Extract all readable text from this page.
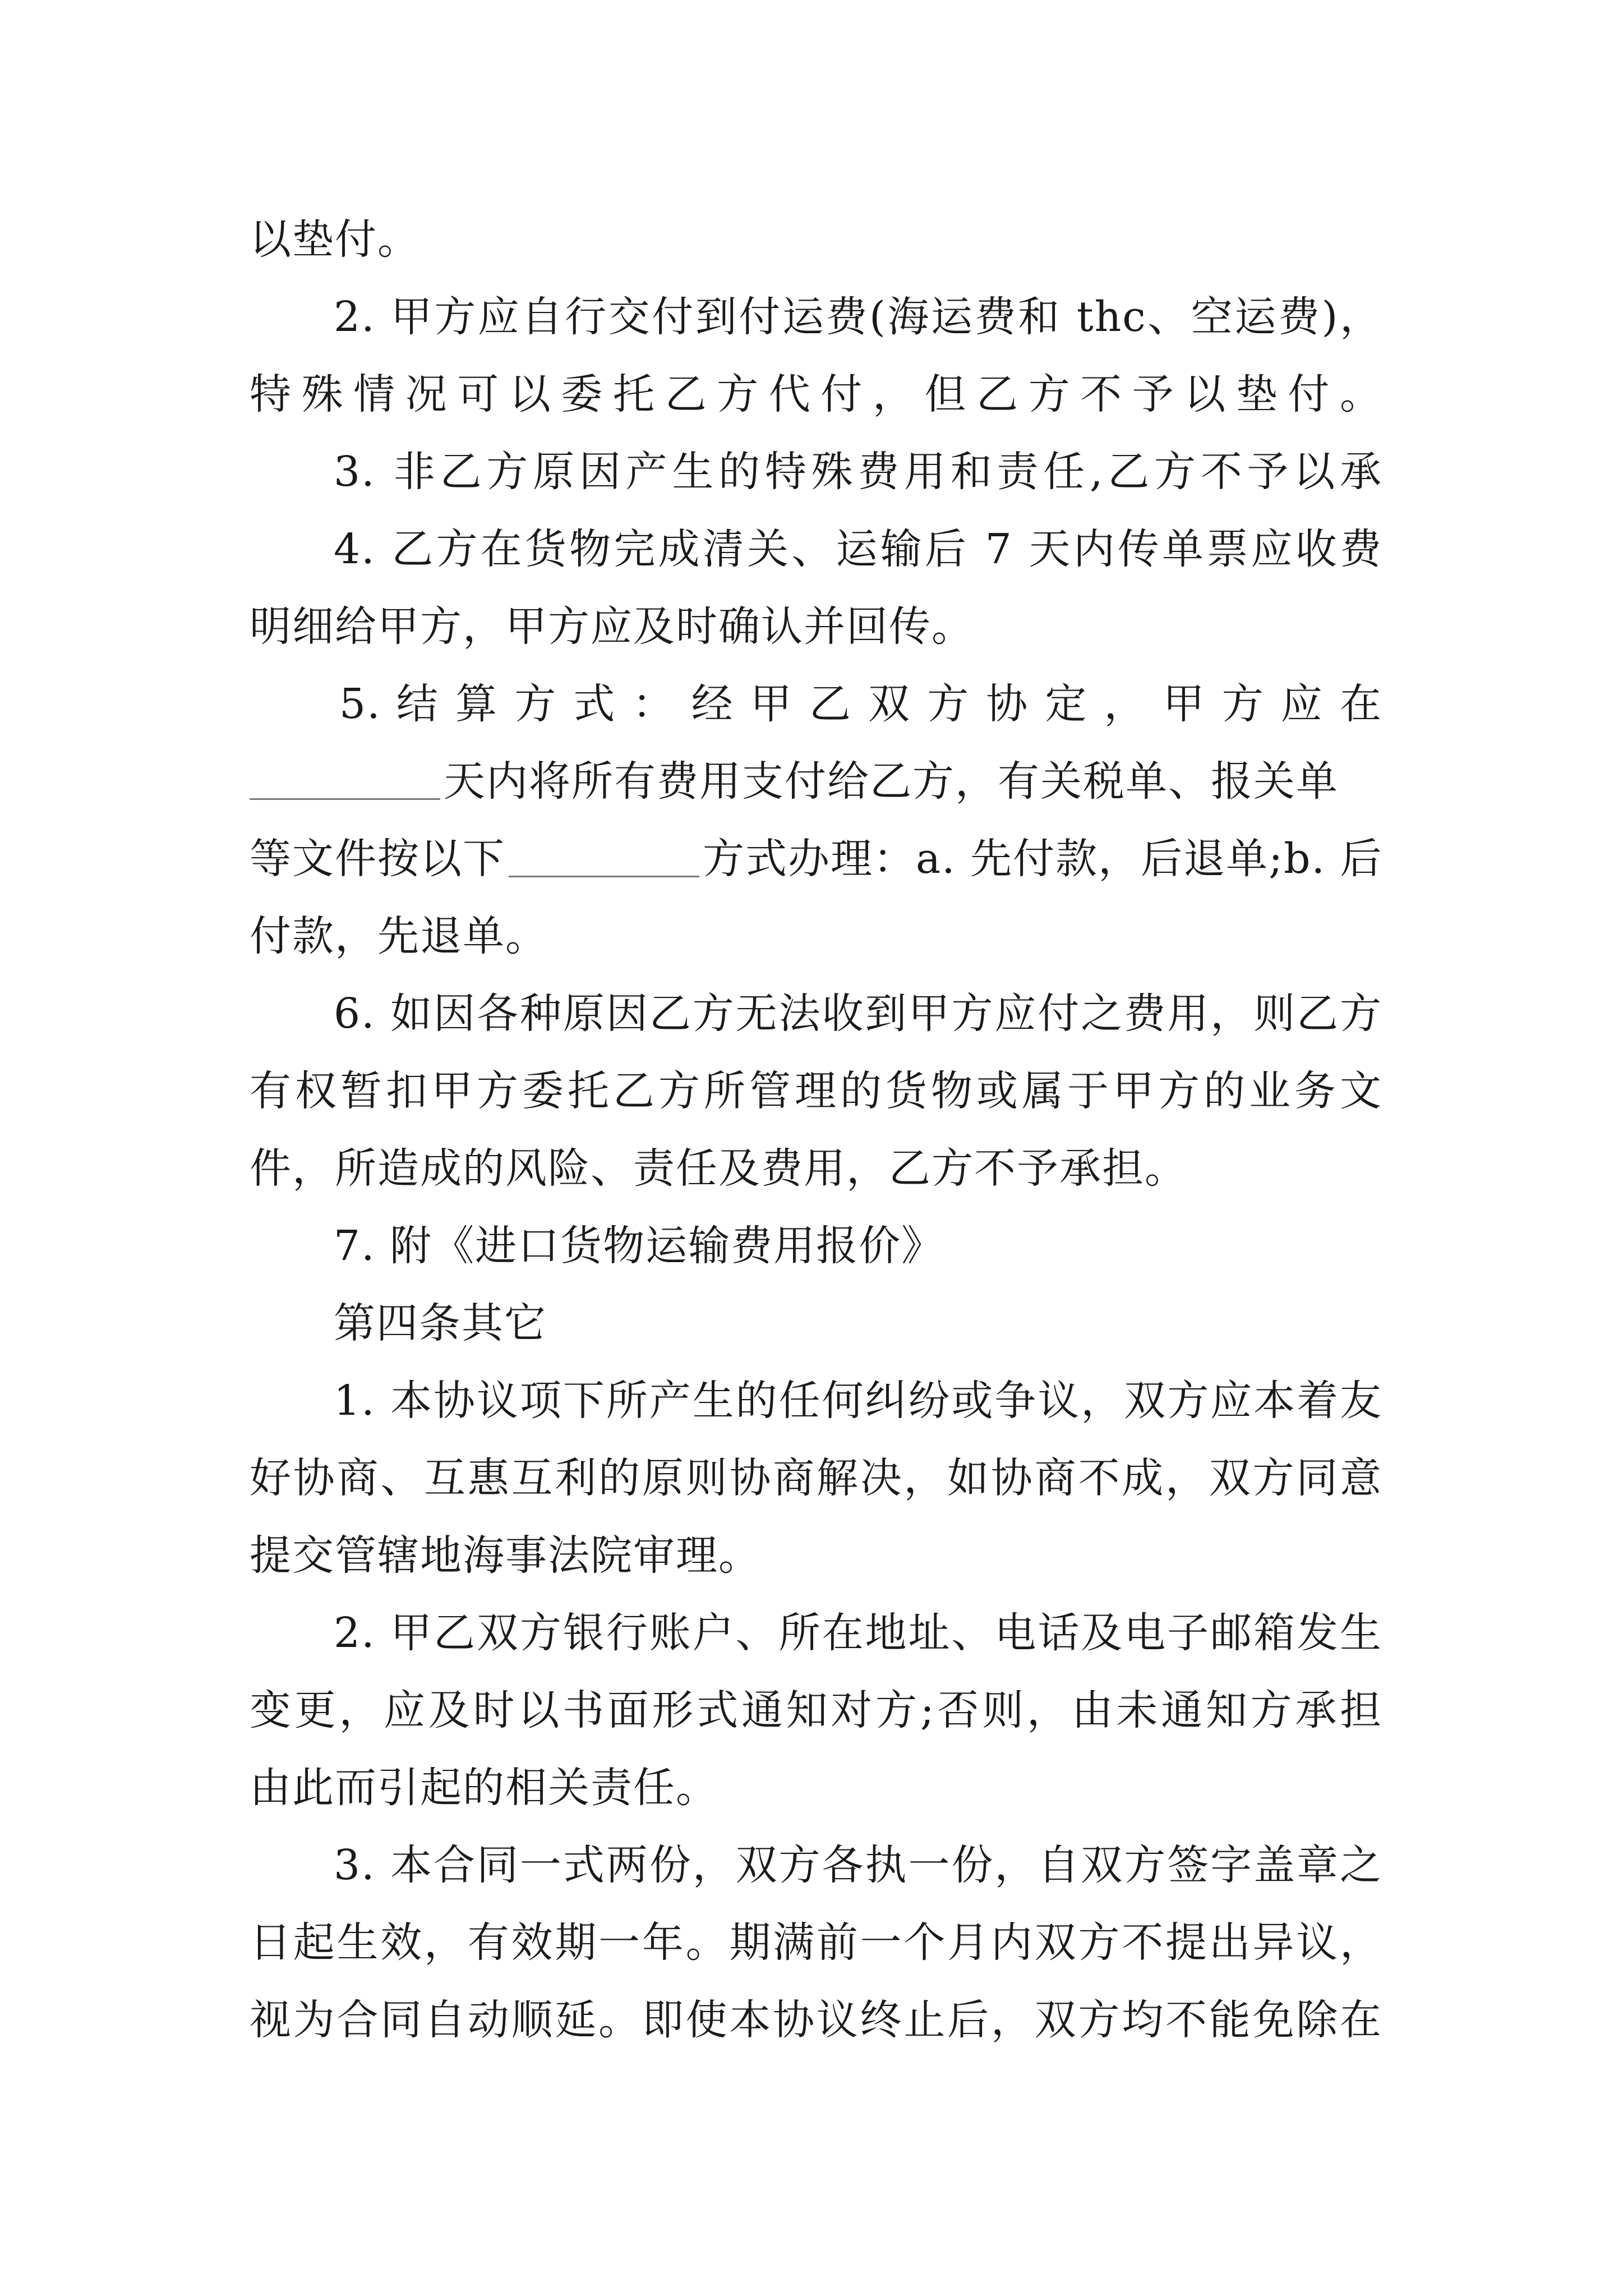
以垫付。
2. 甲方应自行交付到付运费(海运费和 thc、空运费)，
特殊情况可以委托乙方代付，但乙方不予以垫付。
3. 非乙方原因产生的特殊费用和责任,乙方不予以承
4. 乙方在货物完成清关、运输后 7 天内传单票应收费
明细给甲方，甲方应及时确认并回传。
5. 结 算 方 式 ： 经 甲 乙 双 方 协 定 ， 甲 方 应 在
天内将所有费用支付给乙方，有关税单、报关单
等文件按以下	方式办理：a. 先付款，后退单;b. 后
付款，先退单。
6. 如因各种原因乙方无法收到甲方应付之费用，则乙方
有权暂扣甲方委托乙方所管理的货物或属于甲方的业务文
件，所造成的风险、责任及费用，乙方不予承担。
7. 附《进口货物运输费用报价》
第四条其它
1. 本协议项下所产生的任何纠纷或争议，双方应本着友
好协商、互惠互利的原则协商解决，如协商不成，双方同意
提交管辖地海事法院审理。
2. 甲乙双方银行账户、所在地址、电话及电子邮箱发生
变更，应及时以书面形式通知对方;否则，由未通知方承担
由此而引起的相关责任。
3. 本合同一式两份，双方各执一份，自双方签字盖章之
日起生效，有效期一年。期满前一个月内双方不提出异议，
视为合同自动顺延。即使本协议终止后，双方均不能免除在
